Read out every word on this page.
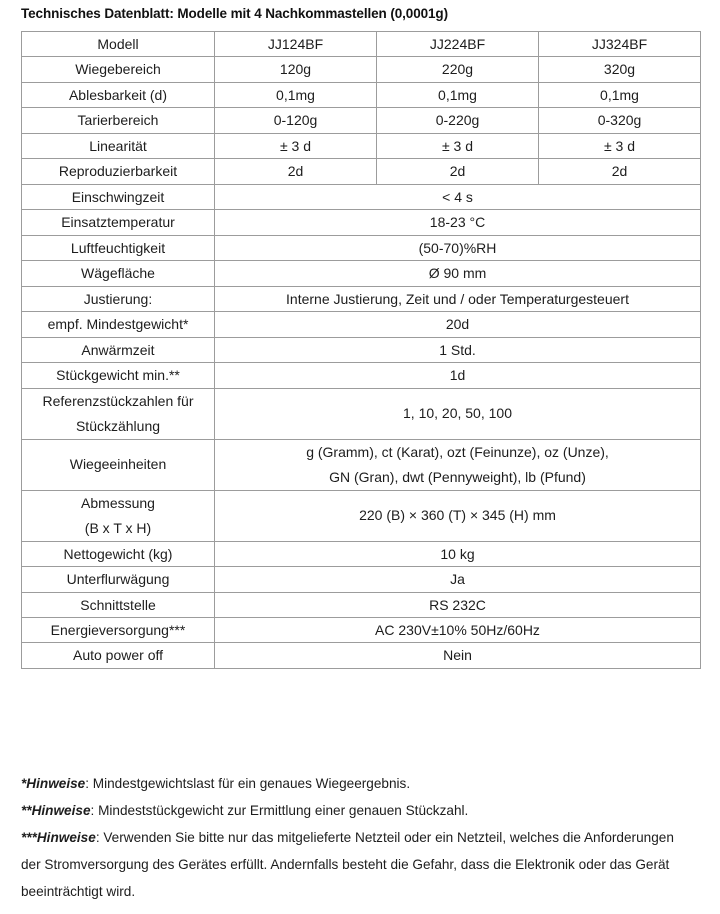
Technisches Datenblatt: Modelle mit 4 Nachkommastellen (0,0001g)
Modell	JJ124BF	JJ224BF	JJ324BF

Wiegebereich	120g	220g	320g

Ablesbarkeit (d)	0,1mg	0,1mg	0,1mg

Tarierbereich	0-120g	0-220g	0-320g

Linearität	± 3 d	± 3 d	± 3 d

Reproduzierbarkeit	2d	2d	2d

Einschwingzeit	< 4 s		

Einsatztemperatur	18-23 °C		

Luftfeuchtigkeit	(50-70)%RH		

Wägefläche	Ø 90 mm		

Justierung:	Interne Justierung, Zeit und / oder Temperaturgesteuert		

empf. Mindestgewicht*	20d		

Anwärmzeit	1 Std.		

Stückgewicht min.**	1d		

Referenzstückzahlen für
Stückzählung	1, 10, 20, 50, 100		

Wiegeeinheiten	g (Gramm), ct (Karat), ozt (Feinunze), oz (Unze),
GN (Gran), dwt (Pennyweight), lb (Pfund)		

Abmessung
(B x T x H)	220 (B) × 360 (T) × 345 (H) mm		

Nettogewicht (kg)	10 kg		

Unterflurwägung	Ja		

Schnittstelle	RS 232C		

Energieversorgung***	AC 230V±10% 50Hz/60Hz		

Auto power off	Nein		

*Hinweise: Mindestgewichtslast für ein genaues Wiegeergebnis.

**Hinweise: Mindeststückgewicht zur Ermittlung einer genauen Stückzahl.

***Hinweise: Verwenden Sie bitte nur das mitgelieferte Netzteil oder ein Netzteil, welches die Anforderungen der Stromversorgung des Gerätes erfüllt. Andernfalls besteht die Gefahr, dass die Elektronik oder das Gerät beeinträchtigt wird.
